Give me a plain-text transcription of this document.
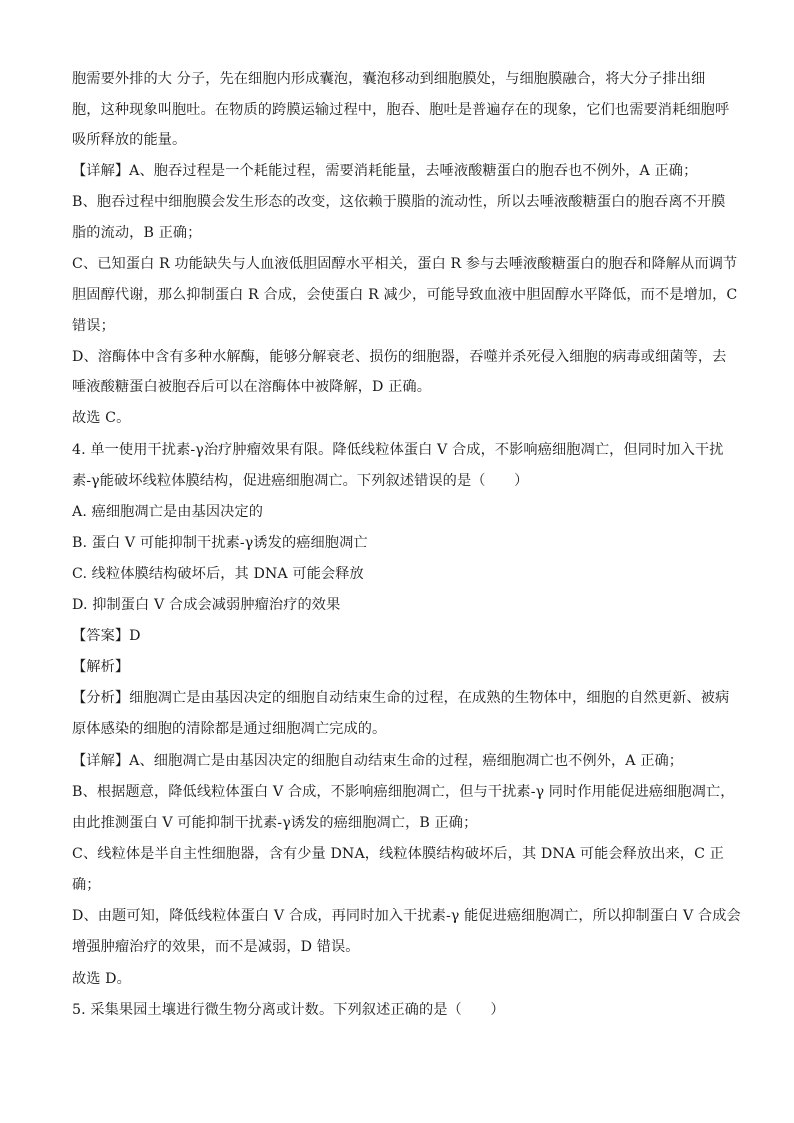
胞需要外排的大 分子，先在细胞内形成囊泡，囊泡移动到细胞膜处，与细胞膜融合，将大分子排出细
胞，这种现象叫胞吐。在物质的跨膜运输过程中，胞吞、胞吐是普遍存在的现象，它们也需要消耗细胞呼
吸所释放的能量。
【详解】A、胞吞过程是一个耗能过程，需要消耗能量，去唾液酸糖蛋白的胞吞也不例外，A 正确；
B、胞吞过程中细胞膜会发生形态的改变，这依赖于膜脂的流动性，所以去唾液酸糖蛋白的胞吞离不开膜
脂的流动，B 正确；
C、已知蛋白 R 功能缺失与人血液低胆固醇水平相关，蛋白 R 参与去唾液酸糖蛋白的胞吞和降解从而调节
胆固醇代谢，那么抑制蛋白 R 合成，会使蛋白 R 减少，可能导致血液中胆固醇水平降低，而不是增加，C
错误；
D、溶酶体中含有多种水解酶，能够分解衰老、损伤的细胞器，吞噬并杀死侵入细胞的病毒或细菌等，去
唾液酸糖蛋白被胞吞后可以在溶酶体中被降解，D 正确。
故选 C。
4. 单一使用干扰素-γ治疗肿瘤效果有限。降低线粒体蛋白 V 合成，不影响癌细胞凋亡，但同时加入干扰
素-γ能破坏线粒体膜结构，促进癌细胞凋亡。下列叙述错误的是（　　）
A. 癌细胞凋亡是由基因决定的
B. 蛋白 V 可能抑制干扰素-γ诱发的癌细胞凋亡
C. 线粒体膜结构破坏后，其 DNA 可能会释放
D. 抑制蛋白 V 合成会减弱肿瘤治疗的效果
【答案】D
【解析】
【分析】细胞凋亡是由基因决定的细胞自动结束生命的过程，在成熟的生物体中，细胞的自然更新、被病
原体感染的细胞的清除都是通过细胞凋亡完成的。
【详解】A、细胞凋亡是由基因决定的细胞自动结束生命的过程，癌细胞凋亡也不例外，A 正确；
B、根据题意，降低线粒体蛋白 V 合成，不影响癌细胞凋亡，但与干扰素-γ 同时作用能促进癌细胞凋亡，
由此推测蛋白 V 可能抑制干扰素-γ诱发的癌细胞凋亡，B 正确；
C、线粒体是半自主性细胞器，含有少量 DNA，线粒体膜结构破坏后，其 DNA 可能会释放出来，C 正
确；
D、由题可知，降低线粒体蛋白 V 合成，再同时加入干扰素-γ 能促进癌细胞凋亡，所以抑制蛋白 V 合成会
增强肿瘤治疗的效果，而不是减弱，D 错误。
故选 D。
5. 采集果园土壤进行微生物分离或计数。下列叙述正确的是（　　）
